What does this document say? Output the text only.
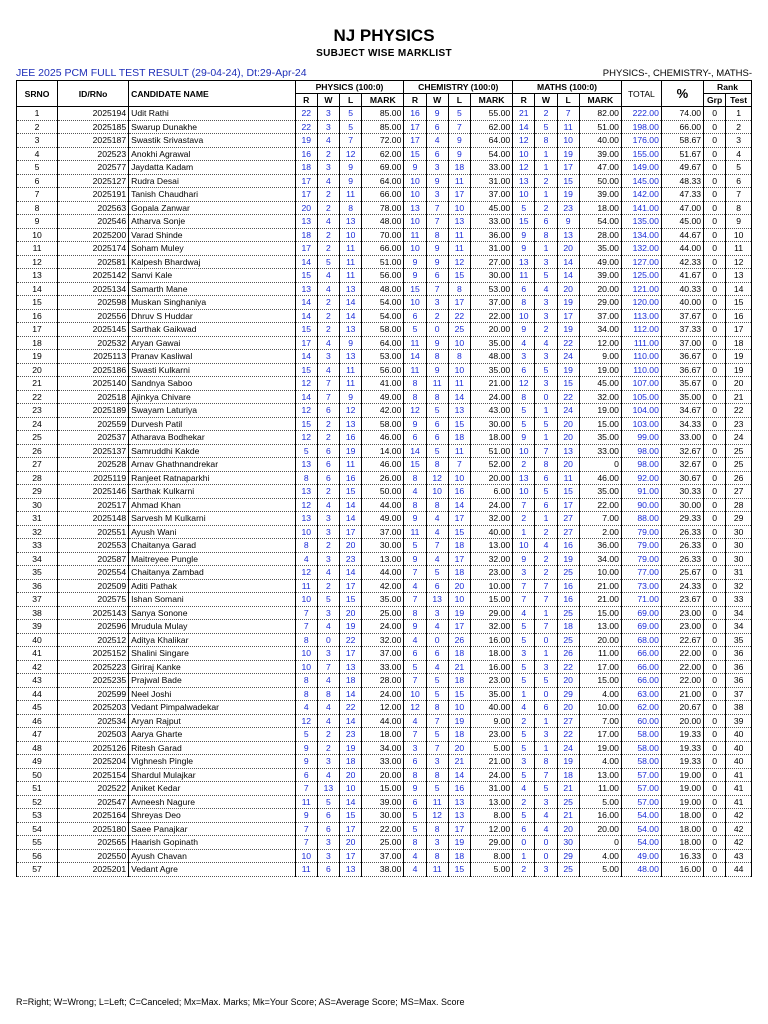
NJ PHYSICS
SUBJECT WISE MARKLIST
JEE 2025 PCM FULL TEST RESULT (29-04-24), Dt:29-Apr-24	PHYSICS-, CHEMISTRY-, MATHS-
SRNO	ID/RNo	CANDIDATE NAME	PHYSICS (100:0)				CHEMISTRY (100:0)				MATHS (100:0)				TOTAL	%	Rank	
			R	W	L	MARK	R	W	L	MARK	R	W	L	MARK			Grp	Test
1	2025194	Udit Rathi	22	3	5	85.00	16	9	5	55.00	21	2	7	82.00	222.00	74.00	0	1
2	2025185	Swarup Dunakhe	22	3	5	85.00	17	6	7	62.00	14	5	11	51.00	198.00	66.00	0	2
3	2025187	Swastik Srivastava	19	4	7	72.00	17	4	9	64.00	12	8	10	40.00	176.00	58.67	0	3
4	202523	Anokhi Agrawal	16	2	12	62.00	15	6	9	54.00	10	1	19	39.00	155.00	51.67	0	4
5	202577	Jaydatta Kadam	18	3	9	69.00	9	3	18	33.00	12	1	17	47.00	149.00	49.67	0	5
6	2025127	Rudra Desai	17	4	9	64.00	10	9	11	31.00	13	2	15	50.00	145.00	48.33	0	6
7	2025191	Tanish Chaudhari	17	2	11	66.00	10	3	17	37.00	10	1	19	39.00	142.00	47.33	0	7
8	202563	Gopala Zanwar	20	2	8	78.00	13	7	10	45.00	5	2	23	18.00	141.00	47.00	0	8
9	202546	Atharva Sonje	13	4	13	48.00	10	7	13	33.00	15	6	9	54.00	135.00	45.00	0	9
10	2025200	Varad Shinde	18	2	10	70.00	11	8	11	36.00	9	8	13	28.00	134.00	44.67	0	10
11	2025174	Soham Muley	17	2	11	66.00	10	9	11	31.00	9	1	20	35.00	132.00	44.00	0	11
12	202581	Kalpesh Bhardwaj	14	5	11	51.00	9	9	12	27.00	13	3	14	49.00	127.00	42.33	0	12
13	2025142	Sanvi Kale	15	4	11	56.00	9	6	15	30.00	11	5	14	39.00	125.00	41.67	0	13
14	2025134	Samarth Mane	13	4	13	48.00	15	7	8	53.00	6	4	20	20.00	121.00	40.33	0	14
15	202598	Muskan Singhaniya	14	2	14	54.00	10	3	17	37.00	8	3	19	29.00	120.00	40.00	0	15
16	202556	Dhruv S Huddar	14	2	14	54.00	6	2	22	22.00	10	3	17	37.00	113.00	37.67	0	16
17	2025145	Sarthak Gaikwad	15	2	13	58.00	5	0	25	20.00	9	2	19	34.00	112.00	37.33	0	17
18	202532	Aryan Gawai	17	4	9	64.00	11	9	10	35.00	4	4	22	12.00	111.00	37.00	0	18
19	2025113	Pranav Kasliwal	14	3	13	53.00	14	8	8	48.00	3	3	24	9.00	110.00	36.67	0	19
20	2025186	Swasti Kulkarni	15	4	11	56.00	11	9	10	35.00	6	5	19	19.00	110.00	36.67	0	19
21	2025140	Sandnya Saboo	12	7	11	41.00	8	11	11	21.00	12	3	15	45.00	107.00	35.67	0	20
22	202518	Ajinkya Chivare	14	7	9	49.00	8	8	14	24.00	8	0	22	32.00	105.00	35.00	0	21
23	2025189	Swayam Laturiya	12	6	12	42.00	12	5	13	43.00	5	1	24	19.00	104.00	34.67	0	22
24	202559	Durvesh Patil	15	2	13	58.00	9	6	15	30.00	5	5	20	15.00	103.00	34.33	0	23
25	202537	Atharava Bodhekar	12	2	16	46.00	6	6	18	18.00	9	1	20	35.00	99.00	33.00	0	24
26	2025137	Samruddhi Kakde	5	6	19	14.00	14	5	11	51.00	10	7	13	33.00	98.00	32.67	0	25
27	202528	Arnav Ghathnandrekar	13	6	11	46.00	15	8	7	52.00	2	8	20	0	98.00	32.67	0	25
28	2025119	Ranjeet Ratnaparkhi	8	6	16	26.00	8	12	10	20.00	13	6	11	46.00	92.00	30.67	0	26
29	2025146	Sarthak Kulkarni	13	2	15	50.00	4	10	16	6.00	10	5	15	35.00	91.00	30.33	0	27
30	202517	Ahmad Khan	12	4	14	44.00	8	8	14	24.00	7	6	17	22.00	90.00	30.00	0	28
31	2025148	Sarvesh M Kulkarni	13	3	14	49.00	9	4	17	32.00	2	1	27	7.00	88.00	29.33	0	29
32	202551	Ayush Wani	10	3	17	37.00	11	4	15	40.00	1	2	27	2.00	79.00	26.33	0	30
33	202553	Chaitanya Garad	8	2	20	30.00	5	7	18	13.00	10	4	16	36.00	79.00	26.33	0	30
34	202587	Maitreyee Pungle	4	3	23	13.00	9	4	17	32.00	9	2	19	34.00	79.00	26.33	0	30
35	202554	Chaitanya Zambad	12	4	14	44.00	7	5	18	23.00	3	2	25	10.00	77.00	25.67	0	31
36	202509	Aditi Pathak	11	2	17	42.00	4	6	20	10.00	7	7	16	21.00	73.00	24.33	0	32
37	202575	Ishan Somani	10	5	15	35.00	7	13	10	15.00	7	7	16	21.00	71.00	23.67	0	33
38	2025143	Sanya Sonone	7	3	20	25.00	8	3	19	29.00	4	1	25	15.00	69.00	23.00	0	34
39	202596	Mrudula Mulay	7	4	19	24.00	9	4	17	32.00	5	7	18	13.00	69.00	23.00	0	34
40	202512	Aditya Khalikar	8	0	22	32.00	4	0	26	16.00	5	0	25	20.00	68.00	22.67	0	35
41	2025152	Shalini Singare	10	3	17	37.00	6	6	18	18.00	3	1	26	11.00	66.00	22.00	0	36
42	2025223	Giriraj Kanke	10	7	13	33.00	5	4	21	16.00	5	3	22	17.00	66.00	22.00	0	36
43	2025235	Prajwal Bade	8	4	18	28.00	7	5	18	23.00	5	5	20	15.00	66.00	22.00	0	36
44	202599	Neel Joshi	8	8	14	24.00	10	5	15	35.00	1	0	29	4.00	63.00	21.00	0	37
45	2025203	Vedant Pimpalwadekar	4	4	22	12.00	12	8	10	40.00	4	6	20	10.00	62.00	20.67	0	38
46	202534	Aryan Rajput	12	4	14	44.00	4	7	19	9.00	2	1	27	7.00	60.00	20.00	0	39
47	202503	Aarya Gharte	5	2	23	18.00	7	5	18	23.00	5	3	22	17.00	58.00	19.33	0	40
48	2025126	Ritesh Garad	9	2	19	34.00	3	7	20	5.00	5	1	24	19.00	58.00	19.33	0	40
49	2025204	Vighnesh Pingle	9	3	18	33.00	6	3	21	21.00	3	8	19	4.00	58.00	19.33	0	40
50	2025154	Shardul Mulajkar	6	4	20	20.00	8	8	14	24.00	5	7	18	13.00	57.00	19.00	0	41
51	202522	Aniket Kedar	7	13	10	15.00	9	5	16	31.00	4	5	21	11.00	57.00	19.00	0	41
52	202547	Avneesh Nagure	11	5	14	39.00	6	11	13	13.00	2	3	25	5.00	57.00	19.00	0	41
53	2025164	Shreyas Deo	9	6	15	30.00	5	12	13	8.00	5	4	21	16.00	54.00	18.00	0	42
54	2025180	Saee Panajkar	7	6	17	22.00	5	8	17	12.00	6	4	20	20.00	54.00	18.00	0	42
55	202565	Haarish Gopinath	7	3	20	25.00	8	3	19	29.00	0	0	30	0	54.00	18.00	0	42
56	202550	Ayush Chavan	10	3	17	37.00	4	8	18	8.00	1	0	29	4.00	49.00	16.33	0	43
57	2025201	Vedant Agre	11	6	13	38.00	4	11	15	5.00	2	3	25	5.00	48.00	16.00	0	44
R=Right; W=Wrong; L=Left; C=Canceled; Mx=Max. Marks; Mk=Your Score; AS=Average Score; MS=Max. Score
